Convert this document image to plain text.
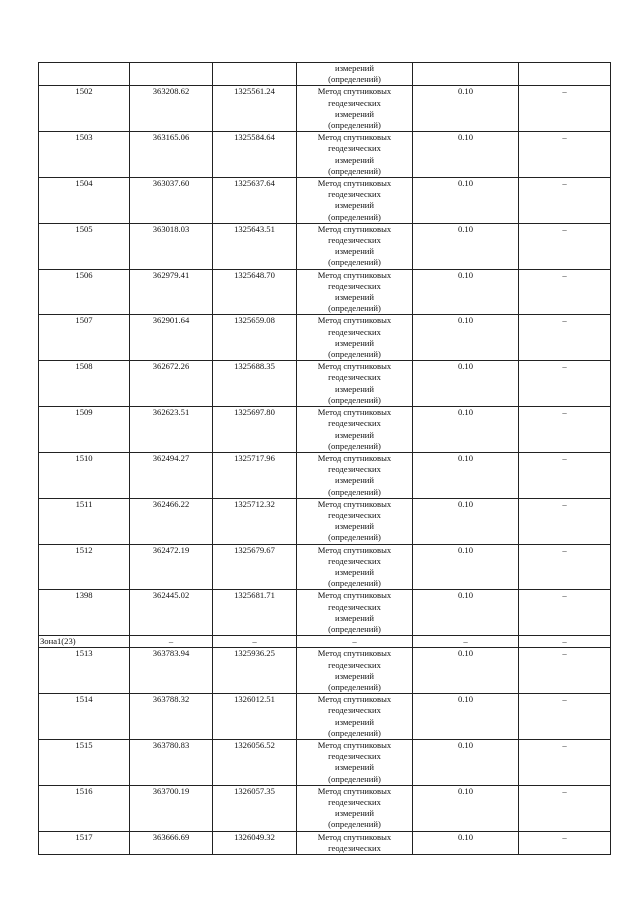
			измерений
(определений)		
1502	363208.62	1325561.24	Метод спутниковых
геодезических
измерений
(определений)	0.10	–
1503	363165.06	1325584.64	Метод спутниковых
геодезических
измерений
(определений)	0.10	–
1504	363037.60	1325637.64	Метод спутниковых
геодезических
измерений
(определений)	0.10	–
1505	363018.03	1325643.51	Метод спутниковых
геодезических
измерений
(определений)	0.10	–
1506	362979.41	1325648.70	Метод спутниковых
геодезических
измерений
(определений)	0.10	–
1507	362901.64	1325659.08	Метод спутниковых
геодезических
измерений
(определений)	0.10	–
1508	362672.26	1325688.35	Метод спутниковых
геодезических
измерений
(определений)	0.10	–
1509	362623.51	1325697.80	Метод спутниковых
геодезических
измерений
(определений)	0.10	–
1510	362494.27	1325717.96	Метод спутниковых
геодезических
измерений
(определений)	0.10	–
1511	362466.22	1325712.32	Метод спутниковых
геодезических
измерений
(определений)	0.10	–
1512	362472.19	1325679.67	Метод спутниковых
геодезических
измерений
(определений)	0.10	–
1398	362445.02	1325681.71	Метод спутниковых
геодезических
измерений
(определений)	0.10	–
Зона1(23)	–	–	–	–	–
1513	363783.94	1325936.25	Метод спутниковых
геодезических
измерений
(определений)	0.10	–
1514	363788.32	1326012.51	Метод спутниковых
геодезических
измерений
(определений)	0.10	–
1515	363780.83	1326056.52	Метод спутниковых
геодезических
измерений
(определений)	0.10	–
1516	363700.19	1326057.35	Метод спутниковых
геодезических
измерений
(определений)	0.10	–
1517	363666.69	1326049.32	Метод спутниковых
геодезических	0.10	–
